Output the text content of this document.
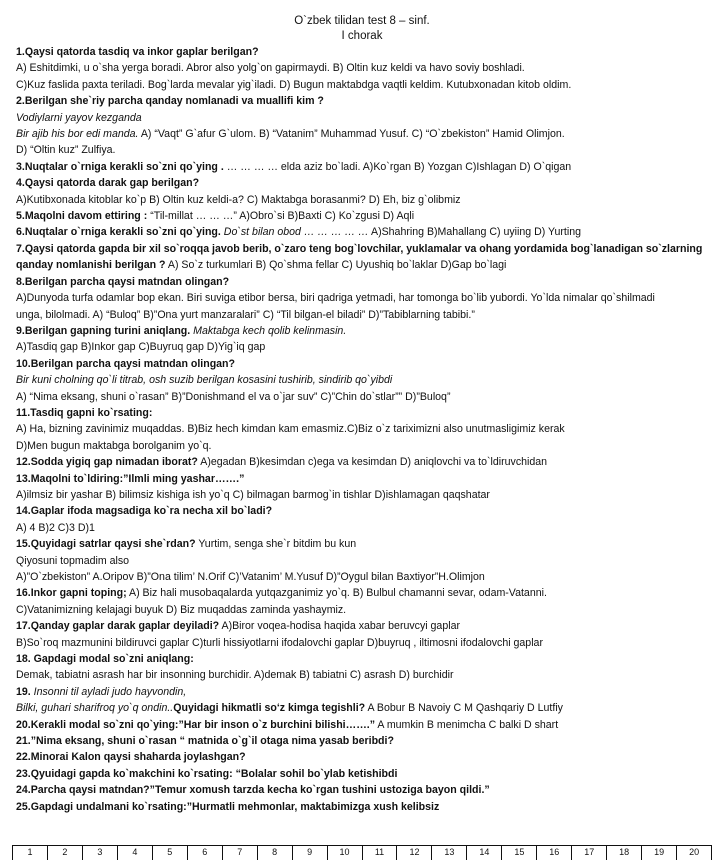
O`zbek tilidan test 8 – sinf.
I chorak
1.Qaysi qatorda tasdiq va inkor gaplar berilgan?
A) Eshitdimki, u o`sha yerga boradi. Abror also yolg`on gapirmaydi. B) Oltin kuz keldi va havo soviy boshladi.
C)Kuz faslida paxta teriladi. Bog`larda mevalar yig`iladi. D) Bugun maktabdga vaqtli keldim. Kutubxonadan kitob oldim.
2.Berilgan she`riy parcha qanday nomlanadi va muallifi kim ?
Vodiylarni yayov kezganda
Bir ajib his bor edi manda. A) “Vaqt” G`afur G`ulom. B) “Vatanim” Muhammad Yusuf. C) “O`zbekiston” Hamid Olimjon.
D) “Oltin kuz” Zulfiya.
3.Nuqtalar o`rniga kerakli so`zni qo`ying . … … … … elda aziz bo`ladi. A)Ko`rgan B) Yozgan C)Ishlagan D) O`qigan
4.Qaysi qatorda darak gap berilgan?
A)Kutibxonada kitoblar ko`p B) Oltin kuz keldi-a? C) Maktabga borasanmi? D) Eh, biz g`olibmiz
5.Maqolni davom ettiring : “Til-millat … … …” A)Obro`si B)Baxti C) Ko`zgusi D) Aqli
6.Nuqtalar o`rniga kerakli so`zni qo`ying. Do`st bilan obod … … … … … A)Shahring B)Mahallang C) uyiing D) Yurting
7.Qaysi qatorda gapda bir xil so`roqqa javob berib, o`zaro teng bog`lovchilar, yuklamalar va ohang yordamida bog`lanadigan so`zlarning
qanday nomlanishi berilgan ? A) So`z turkumlari B) Qo`shma fellar C) Uyushiq bo`laklar D)Gap bo`lagi
8.Berilgan parcha qaysi matndan olingan?
A)Dunyoda turfa odamlar bop ekan. Biri suviga etibor bersa, biri qadriga yetmadi, har tomonga bo`lib yubordi. Yo`lda nimalar qo`shilmadi
unga, bilolmadi. A) “Buloq” B)”Ona yurt manzaralari” C) “Til bilgan-el biladi” D)”Tabiblarning tabibi.”
9.Berilgan gapning turini aniqlang. Maktabga kech qolib kelinmasin.
A)Tasdiq gap B)Inkor gap C)Buyruq gap D)Yig`iq gap
10.Berilgan parcha qaysi matndan olingan?
Bir kuni cholning qo`li titrab, osh suzib berilgan kosasini tushirib, sindirib qo`yibdi
A) “Nima eksang, shuni o`rasan” B)”Donishmand el va o`jar suv” C)”Chin do`stlar”” D)”Buloq”
11.Tasdiq gapni ko`rsating:
A) Ha, bizning zavinimiz muqaddas. B)Biz hech kimdan kam emasmiz.C)Biz o`z tariximizni also unutmasligimiz kerak
D)Men bugun maktabga borolganim yo`q.
12.Sodda yigiq gap nimadan iborat? A)egadan B)kesimdan c)ega va kesimdan D) aniqlovchi va to`ldiruvchidan
13.Maqolni to`ldiring:”Ilmli ming yashar…….”
A)ilmsiz bir yashar B) bilimsiz kishiga ish yo`q C) bilmagan barmog`in tishlar D)ishlamagan qaqshatar
14.Gaplar ifoda magsadiga ko`ra necha xil bo`ladi?
A) 4 B)2 C)3 D)1
15.Quyidagi satrlar qaysi she`rdan? Yurtim, senga she`r bitdim bu kun
Qiyosuni topmadim also
A)”O`zbekiston” A.Oripov B)”Ona tilim’ N.Orif C)’Vatanim’ M.Yusuf D)”Oygul bilan Baxtiyor”H.Olimjon
16.Inkor gapni toping; A) Biz hali musobaqalarda yutqazganimiz yo`q. B) Bulbul chamanni sevar, odam-Vatanni.
C)Vatanimizning kelajagi buyuk D) Biz muqaddas zaminda yashaymiz.
17.Qanday gaplar darak gaplar deyiladi? A)Biror voqea-hodisa haqida xabar beruvcyi gaplar
B)So`roq mazmunini bildiruvci gaplar C)turli hissiyotlarni ifodalovchi gaplar D)buyruq , iltimosni ifodalovchi gaplar
18. Gapdagi modal so`zni aniqlang:
Demak, tabiatni asrash har bir insonning burchidir. A)demak B) tabiatni C) asrash D) burchidir
19. Insonni til ayladi judo hayvondin,
Bilki, guhari sharifroq yo`q ondin..Quyidagi hikmatli so‘z kimga tegishli? A Bobur B Navoiy C M Qashqariy D Lutfiy
20.Kerakli modal so`zni qo`ying:”Har bir inson o`z burchini bilishi…….” A mumkin B menimcha C balki D shart
21.”Nima eksang, shuni o`rasan “ matnida o`g`il otaga nima yasab beribdi?
22.Minorai Kalon qaysi shaharda joylashgan?
23.Qyuidagi gapda ko`makchini ko`rsating: “Bolalar sohil bo`ylab ketishibdi
24.Parcha qaysi matndan?”Temur xomush tarzda kecha ko`rgan tushini ustoziga bayon qildi.”
25.Gapdagi undalmani ko`rsating:”Hurmatli mehmonlar, maktabimizga xush kelibsiz
1	2	3	4	5	6	7	8	9	10	11	12	13	14	15	16	17	18	19	20
